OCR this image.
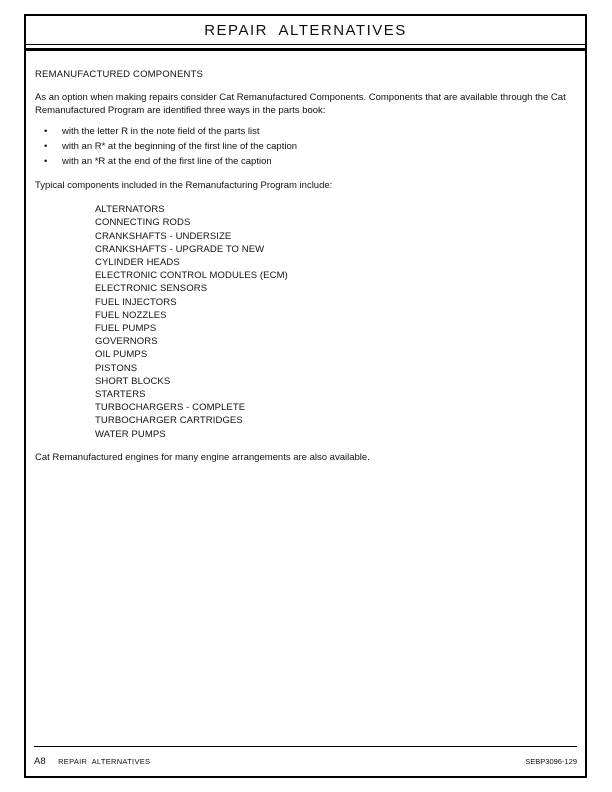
REPAIR  ALTERNATIVES

REMANUFACTURED COMPONENTS

As an option when making repairs consider Cat Remanufactured Components. Components that are available through the Cat Remanufactured Program are identified three ways in the parts book:

•	with the letter R in the note field of the parts list
•	with an R* at the beginning of the first line of the caption
•	with an *R at the end of the first line of the caption

Typical components included in the Remanufacturing Program include:

ALTERNATORS
CONNECTING RODS
CRANKSHAFTS - UNDERSIZE
CRANKSHAFTS - UPGRADE TO NEW
CYLINDER HEADS
ELECTRONIC CONTROL MODULES (ECM)
ELECTRONIC SENSORS
FUEL INJECTORS
FUEL NOZZLES
FUEL PUMPS
GOVERNORS
OIL PUMPS
PISTONS
SHORT BLOCKS
STARTERS
TURBOCHARGERS - COMPLETE
TURBOCHARGER CARTRIDGES
WATER PUMPS

Cat Remanufactured engines for many engine arrangements are also available.

A8 REPAIR  ALTERNATIVES	SEBP3096-129
